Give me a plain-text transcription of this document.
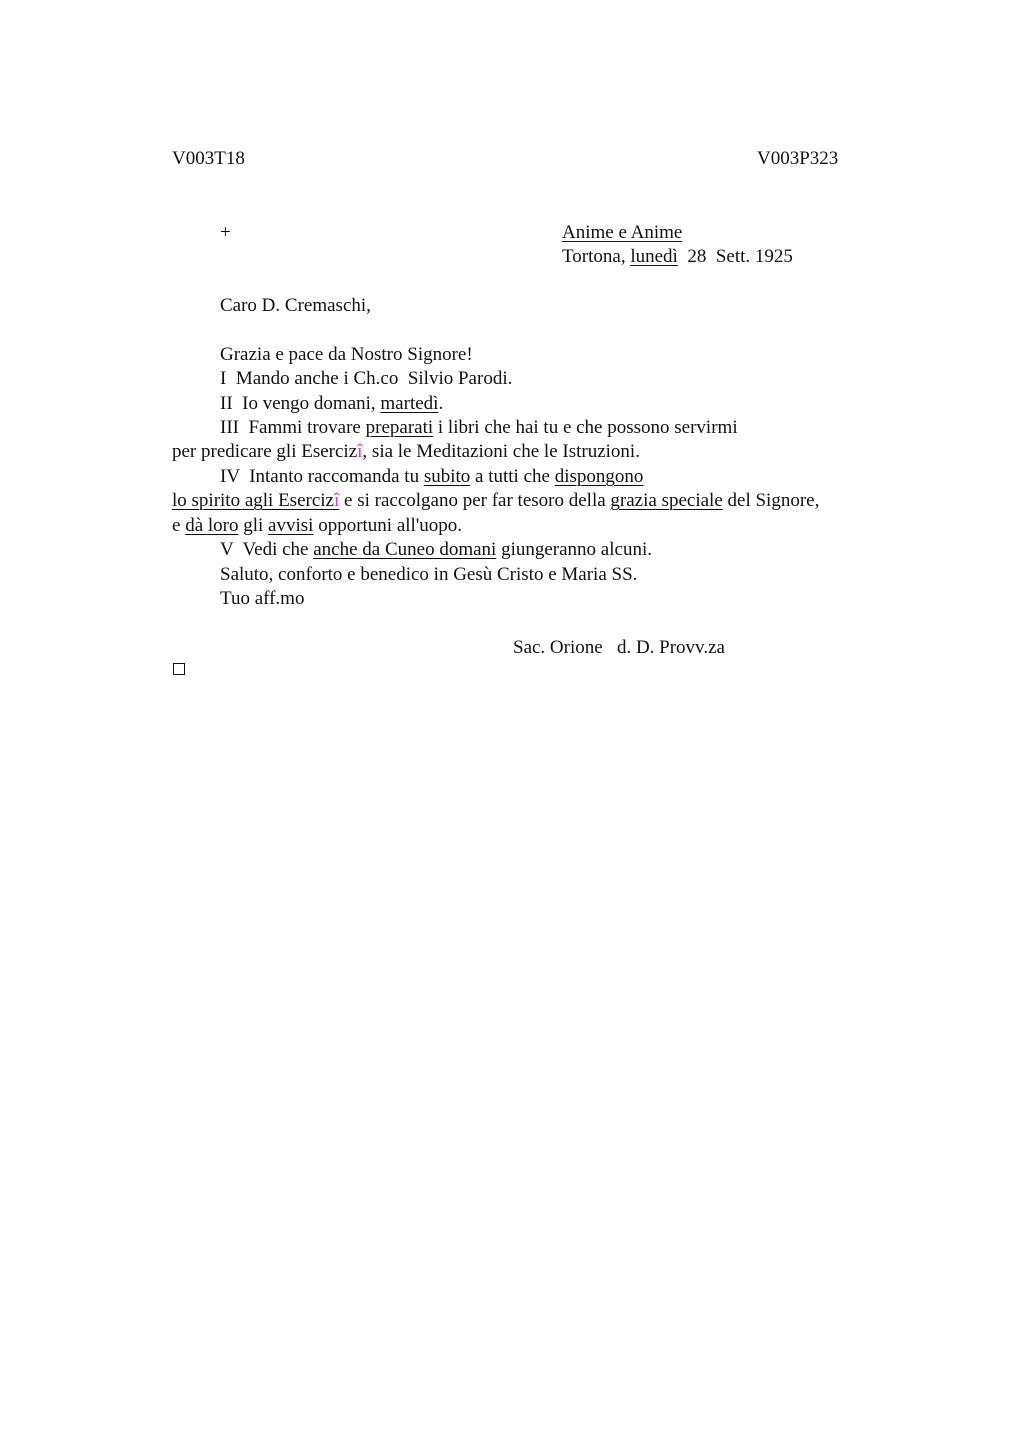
V003T18	V003P323
+	Anime e Anime
Tortona, lunedì  28  Sett. 1925
Caro D. Cremaschi,
Grazia e pace da Nostro Signore!
I  Mando anche i Ch.co  Silvio Parodi.
II  Io vengo domani, martedì.
III  Fammi trovare preparati i libri che hai tu e che possono servirmi
per predicare gli Esercizî, sia le Meditazioni che le Istruzioni.
IV  Intanto raccomanda tu subito a tutti che dispongono
lo spirito agli Esercizî e si raccolgano per far tesoro della grazia speciale del Signore,
e dà loro gli avvisi opportuni all'uopo.
V  Vedi che anche da Cuneo domani giungeranno alcuni.
Saluto, conforto e benedico in Gesù Cristo e Maria SS.
Tuo aff.mo
Sac. Orione   d. D. Provv.za
